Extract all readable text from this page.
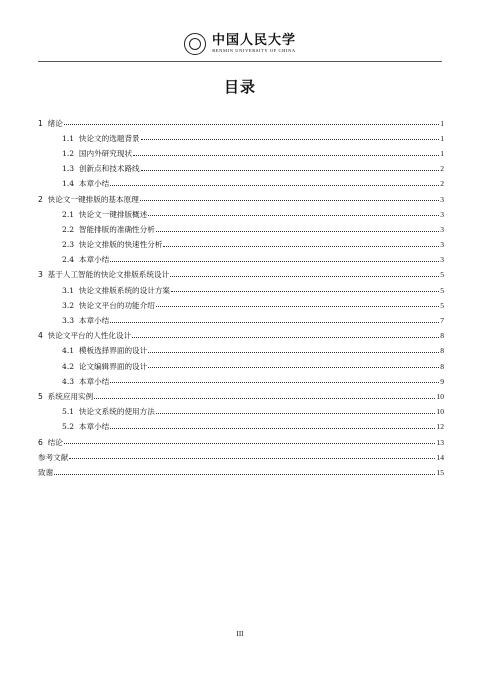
中国人民大学
RENMIN UNIVERSITY OF CHINA
目录
1 绪论	1
1.1 快论文的选题背景	1
1.2 国内外研究现状	1
1.3 创新点和技术路线	2
1.4 本章小结	2
2 快论文一键排版的基本原理	3
2.1 快论文一键排版概述	3
2.2 智能排版的准确性分析	3
2.3 快论文排版的快速性分析	3
2.4 本章小结	3
3 基于人工智能的快论文排版系统设计	5
3.1 快论文排版系统的设计方案	5
3.2 快论文平台的功能介绍	5
3.3 本章小结	7
4 快论文平台的人性化设计	8
4.1 模板选择界面的设计	8
4.2 论文编辑界面的设计	8
4.3 本章小结	9
5 系统应用实例	10
5.1 快论文系统的使用方法	10
5.2 本章小结	12
6 结论	13
参考文献	14
致谢	15
III
